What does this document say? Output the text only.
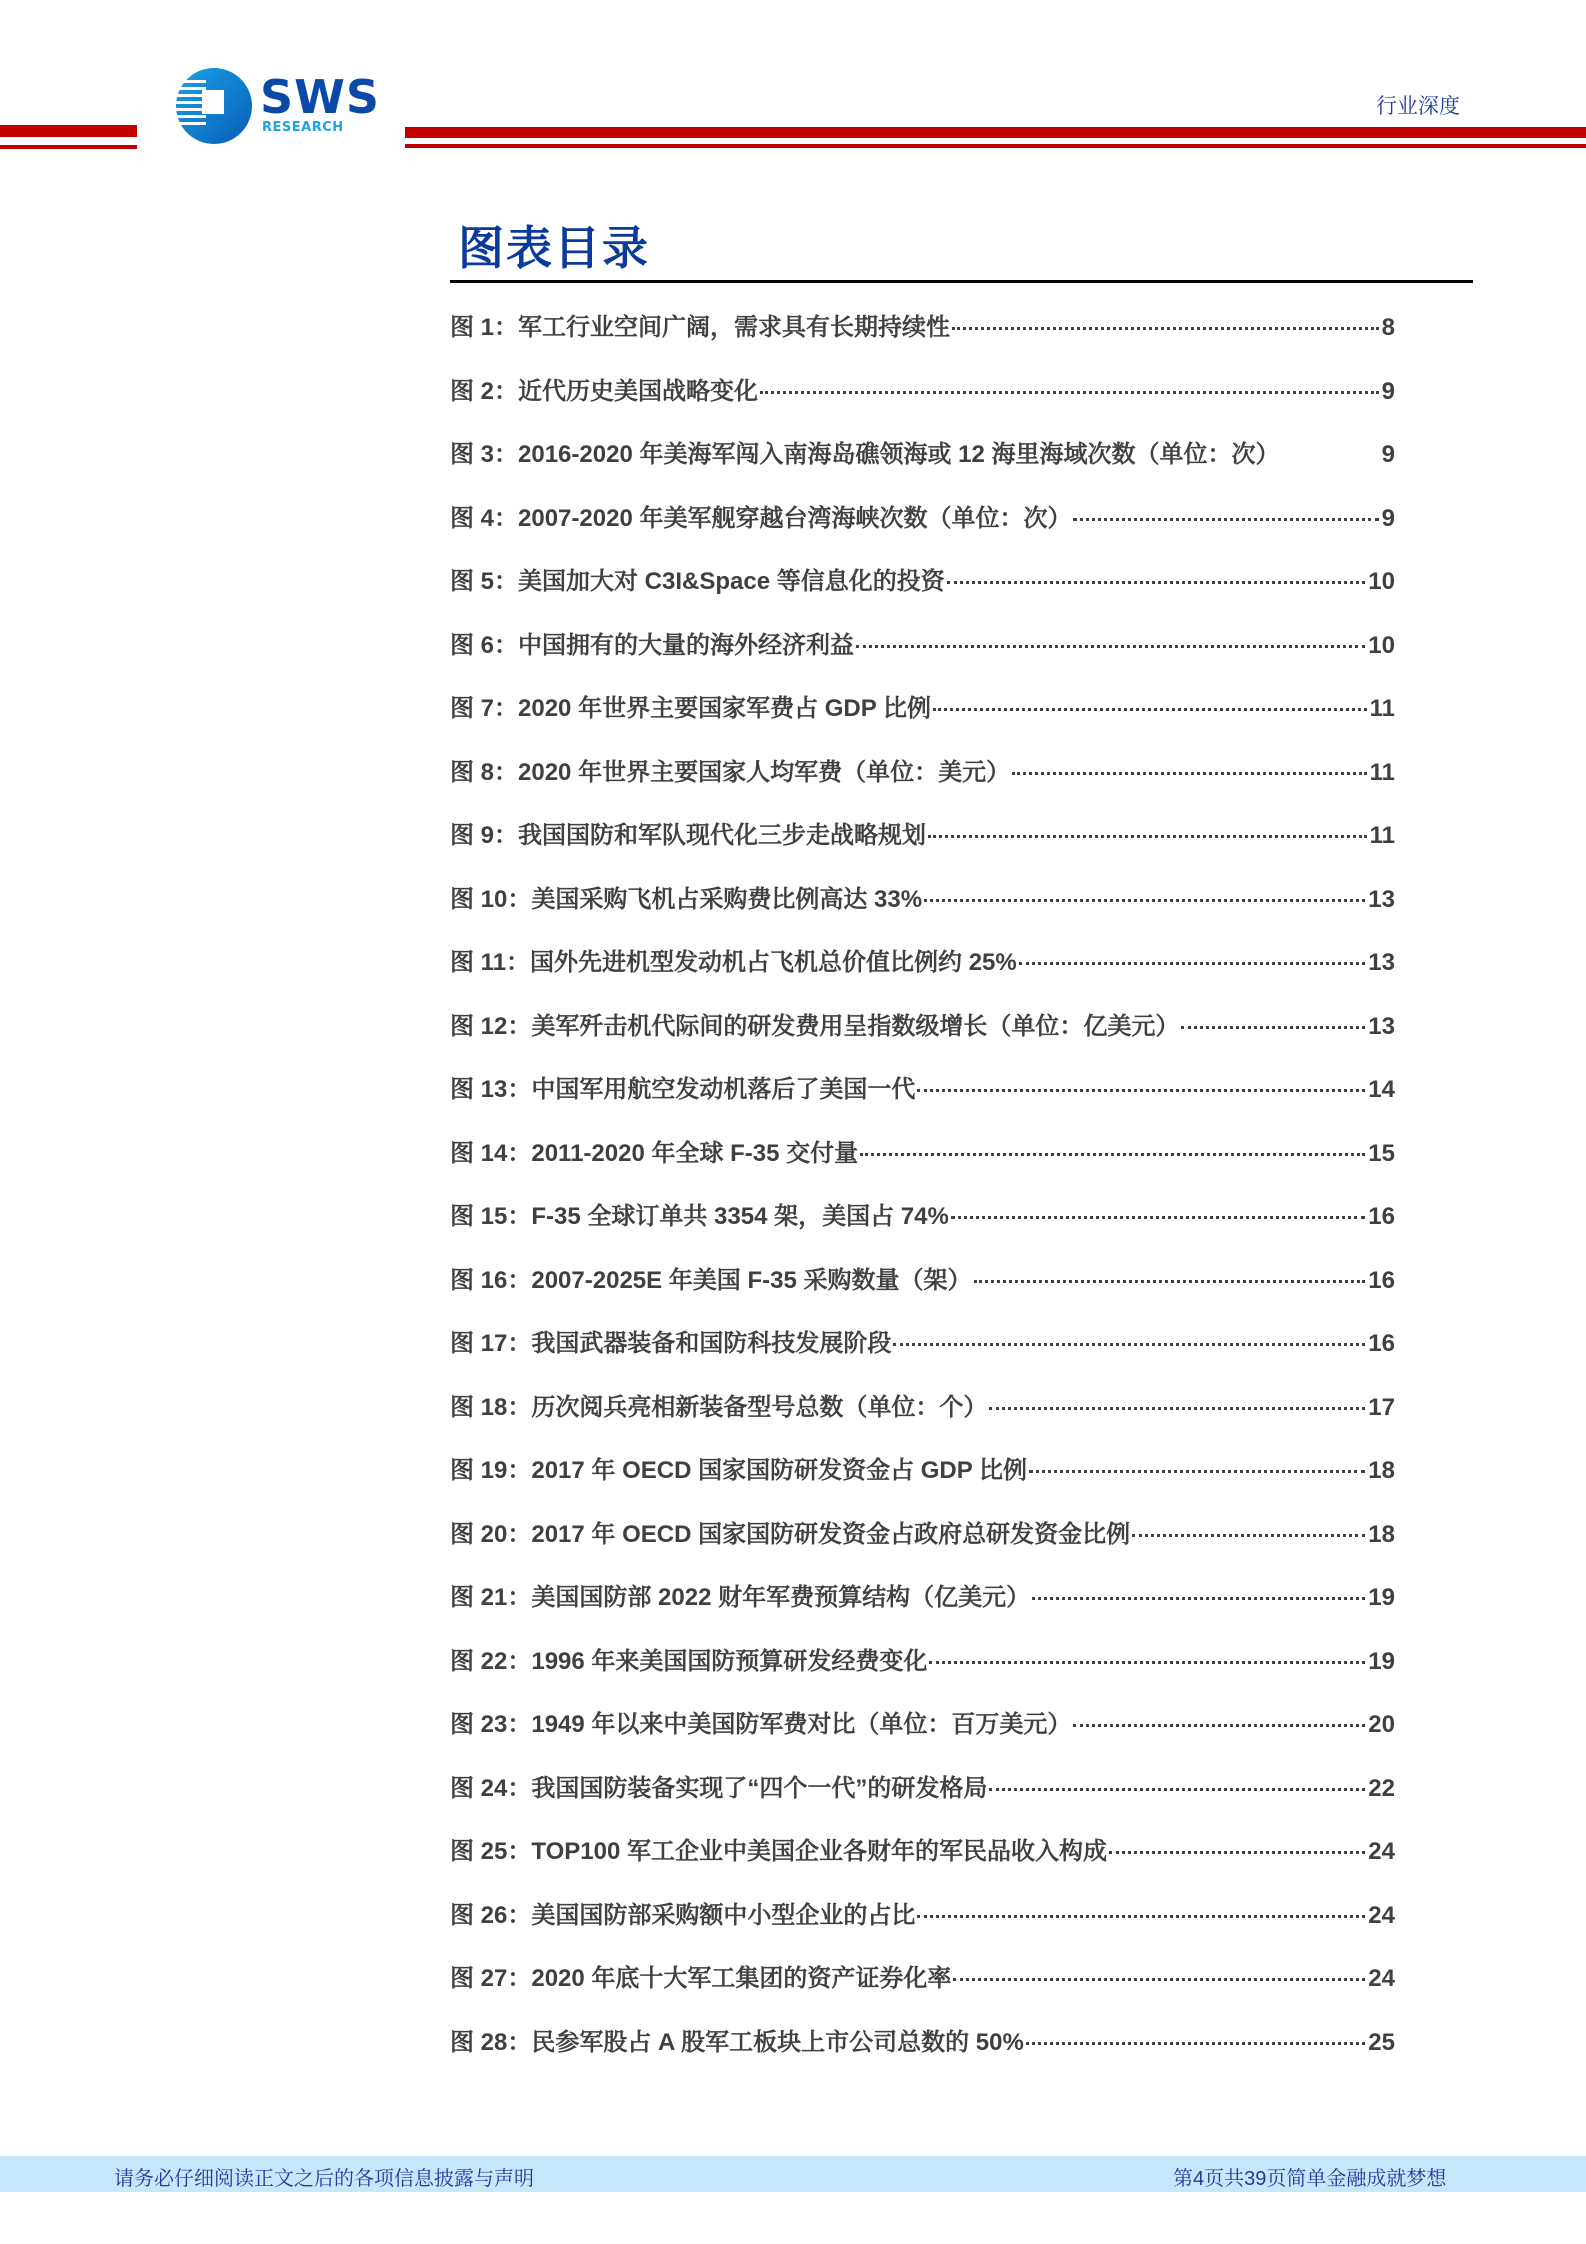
SWS
RESEARCH
行业深度
图表目录
图 1：军工行业空间广阔，需求具有长期持续性	8
图 2：近代历史美国战略变化	9
图 3：2016-2020 年美海军闯入南海岛礁领海或 12 海里海域次数（单位：次）	9
图 4：2007-2020 年美军舰穿越台湾海峡次数（单位：次）	9
图 5：美国加大对 C3I&Space 等信息化的投资	10
图 6：中国拥有的大量的海外经济利益	10
图 7：2020 年世界主要国家军费占 GDP 比例	11
图 8：2020 年世界主要国家人均军费（单位：美元）	11
图 9：我国国防和军队现代化三步走战略规划	11
图 10：美国采购飞机占采购费比例高达 33%	13
图 11：国外先进机型发动机占飞机总价值比例约 25%	13
图 12：美军歼击机代际间的研发费用呈指数级增长（单位：亿美元）	13
图 13：中国军用航空发动机落后了美国一代	14
图 14：2011-2020 年全球 F-35 交付量	15
图 15：F-35 全球订单共 3354 架，美国占 74%	16
图 16：2007-2025E 年美国 F-35 采购数量（架）	16
图 17：我国武器装备和国防科技发展阶段	16
图 18：历次阅兵亮相新装备型号总数（单位：个）	17
图 19：2017 年 OECD 国家国防研发资金占 GDP 比例	18
图 20：2017 年 OECD 国家国防研发资金占政府总研发资金比例	18
图 21：美国国防部 2022 财年军费预算结构（亿美元）	19
图 22：1996 年来美国国防预算研发经费变化	19
图 23：1949 年以来中美国防军费对比（单位：百万美元）	20
图 24：我国国防装备实现了“四个一代”的研发格局	22
图 25：TOP100 军工企业中美国企业各财年的军民品收入构成	24
图 26：美国国防部采购额中小型企业的占比	24
图 27：2020 年底十大军工集团的资产证券化率	24
图 28：民参军股占 A 股军工板块上市公司总数的 50%	25
请务必仔细阅读正文之后的各项信息披露与声明	第4页共39页简单金融成就梦想
